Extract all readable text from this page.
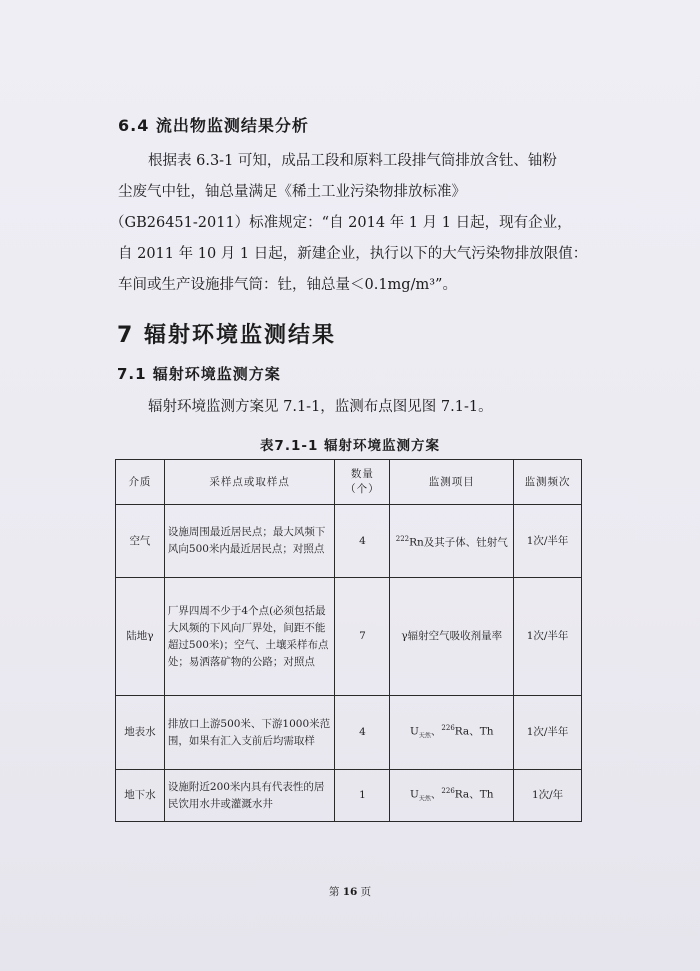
6.4 流出物监测结果分析
根据表 6.3-1 可知，成品工段和原料工段排气筒排放含钍、铀粉
尘废气中钍，铀总量满足《稀土工业污染物排放标准》
（GB26451-2011）标准规定：“自 2014 年 1 月 1 日起，现有企业，
自 2011 年 10 月 1 日起，新建企业，执行以下的大气污染物排放限值：
车间或生产设施排气筒：钍，铀总量＜0.1mg/m³”。
7 辐射环境监测结果
7.1 辐射环境监测方案
辐射环境监测方案见 7.1-1，监测布点图见图 7.1-1。
表7.1-1 辐射环境监测方案
介质	采样点或取样点	数量（个）	监测项目	监测频次
空气	设施周围最近居民点；最大风频下风向500米内最近居民点；对照点	4	$^{222}$Rn及其子体、钍射气	1次/半年
陆地γ	厂界四周不少于4个点(必须包括最大风频的下风向厂界处，间距不能超过500米)；空气、土壤采样布点处；易洒落矿物的公路；对照点	7	γ辐射空气吸收剂量率	1次/半年
地表水	排放口上游500米、下游1000米范围，如果有汇入支前后均需取样	4	$U_{天然}$、$^{226}$Ra、Th	1次/半年
地下水	设施附近200米内具有代表性的居民饮用水井或灌溉水井	1	$U_{天然}$、$^{226}$Ra、Th	1次/年
第 16 页
